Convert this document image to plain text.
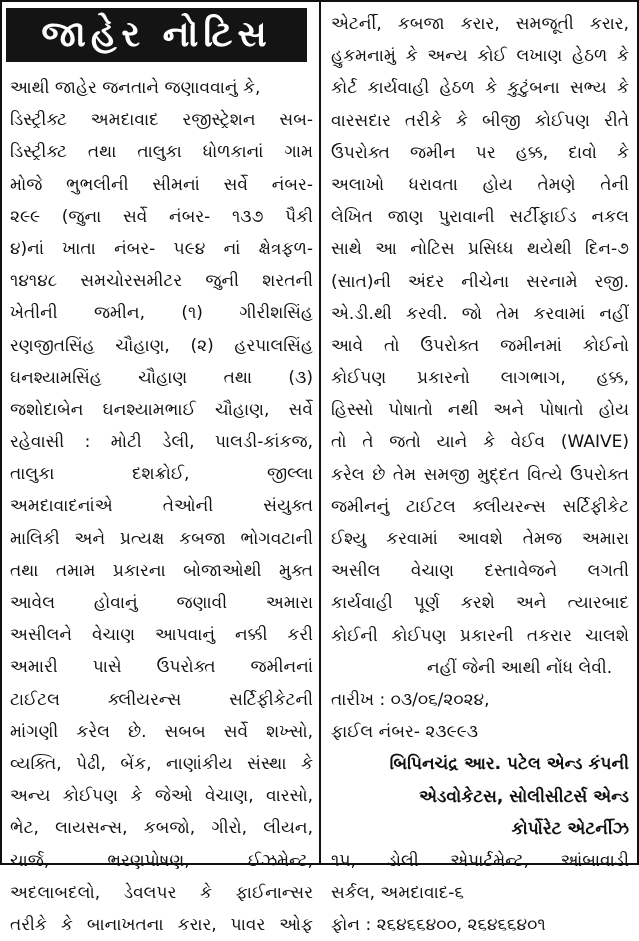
જાહેર નોટિસ
આથી જાહેર જનતાને જણાવવાનું કે,
ડિસ્ટ્રીક્ટ અમદાવાદ રજીસ્ટ્રેશન સબ-
ડિસ્ટ્રીક્ટ તથા તાલુકા ધોળકાનાં ગામ
મોજે ભુભલીની સીમનાં સર્વે નંબર-
૨૯૯ (જુના સર્વે નંબર- ૧૩૭ પૈકી
૪)નાં ખાતા નંબર- ૫૯૪ નાં ક્ષેત્રફળ-
૧૪૧૪૮ સમચોરસમીટર જુની શરતની
ખેતીની જમીન, (૧) ગીરીશસિંહ
રણજીતસિંહ ચૌહાણ, (૨) હરપાલસિંહ
ઘનશ્યામસિંહ ચૌહાણ તથા (૩)
જશોદાબેન ઘનશ્યામભાઈ ચૌહાણ, સર્વે
રહેવાસી : મોટી ડેલી, પાલડી-કાંકજ,
તાલુકા દશક્રોઈ, જીલ્લા
અમદાવાદનાંએ તેઓની સંયુક્ત
માલિકી અને પ્રત્યક્ષ કબજા ભોગવટાની
તથા તમામ પ્રકારના બોજાઓથી મુક્ત
આવેલ હોવાનું જણાવી અમારા
અસીલને વેચાણ આપવાનું નક્કી કરી
અમારી પાસે ઉપરોક્ત જમીનનાં
ટાઈટલ ક્લીયરન્સ સર્ટિફીકેટની
માંગણી કરેલ છે. સબબ સર્વે શખ્સો,
વ્યક્તિ, પેઢી, બેંક, નાણાંકીય સંસ્થા કે
અન્ય કોઈપણ કે જેઓ વેચાણ, વારસો,
ભેટ, લાયસન્સ, કબજો, ગીરો, લીયન,
ચાર્જ, ભરણપોષણ, ઈઝમેન્ટ,
અદલાબદલો, ડેવલપર કે ફાઈનાન્સર
તરીકે કે બાનાખતના કરાર, પાવર ઓફ
એટર્ની, કબજા કરાર, સમજૂતી કરાર,
હુકમનામું કે અન્ય કોઈ લખાણ હેઠળ કે
કોર્ટ કાર્યવાહી હેઠળ કે કુટુંબના સભ્ય કે
વારસદાર તરીકે કે બીજી કોઈપણ રીતે
ઉપરોક્ત જમીન પર હક્ક, દાવો કે
અલાખો ધરાવતા હોય તેમણે તેની
લેખિત જાણ પુરાવાની સર્ટીફાઈડ નકલ
સાથે આ નોટિસ પ્રસિધ્ધ થયેથી દિન-૭
(સાત)ની અંદર નીચેના સરનામે રજી.
એ.ડી.થી કરવી. જો તેમ કરવામાં નહીં
આવે તો ઉપરોક્ત જમીનમાં કોઈનો
કોઈપણ પ્રકારનો લાગભાગ, હક્ક,
હિસ્સો પોષાતો નથી અને પોષાતો હોય
તો તે જતો યાને કે વેઈવ (WAIVE)
કરેલ છે તેમ સમજી મુદ્દત વિત્યે ઉપરોક્ત
જમીનનું ટાઈટલ ક્લીયરન્સ સર્ટિફીકેટ
ઈશ્યુ કરવામાં આવશે તેમજ અમારા
અસીલ વેચાણ દસ્તાવેજને લગતી
કાર્યવાહી પૂર્ણ કરશે અને ત્યારબાદ
કોઈની કોઈપણ પ્રકારની તકરાર ચાલશે
નહીં જેની આથી નોંધ લેવી.
તારીખ : ૦૩/૦૬/૨૦૨૪,
ફાઈલ નંબર- ૨૩૯૯૩
બિપિનચંદ્ર આર. પટેલ એન્ડ કંપની
એડવોકેટસ, સોલીસીટર્સ એન્ડ
કોર્પોરેટ એટર્નીઝ
૧૫, ડોલી એપાર્ટમેન્ટ, આંબાવાડી
સર્કલ, અમદાવાદ-૬
ફોન : ૨૬૪૬૬૪૦૦, ૨૬૪૬૬૪૦૧
